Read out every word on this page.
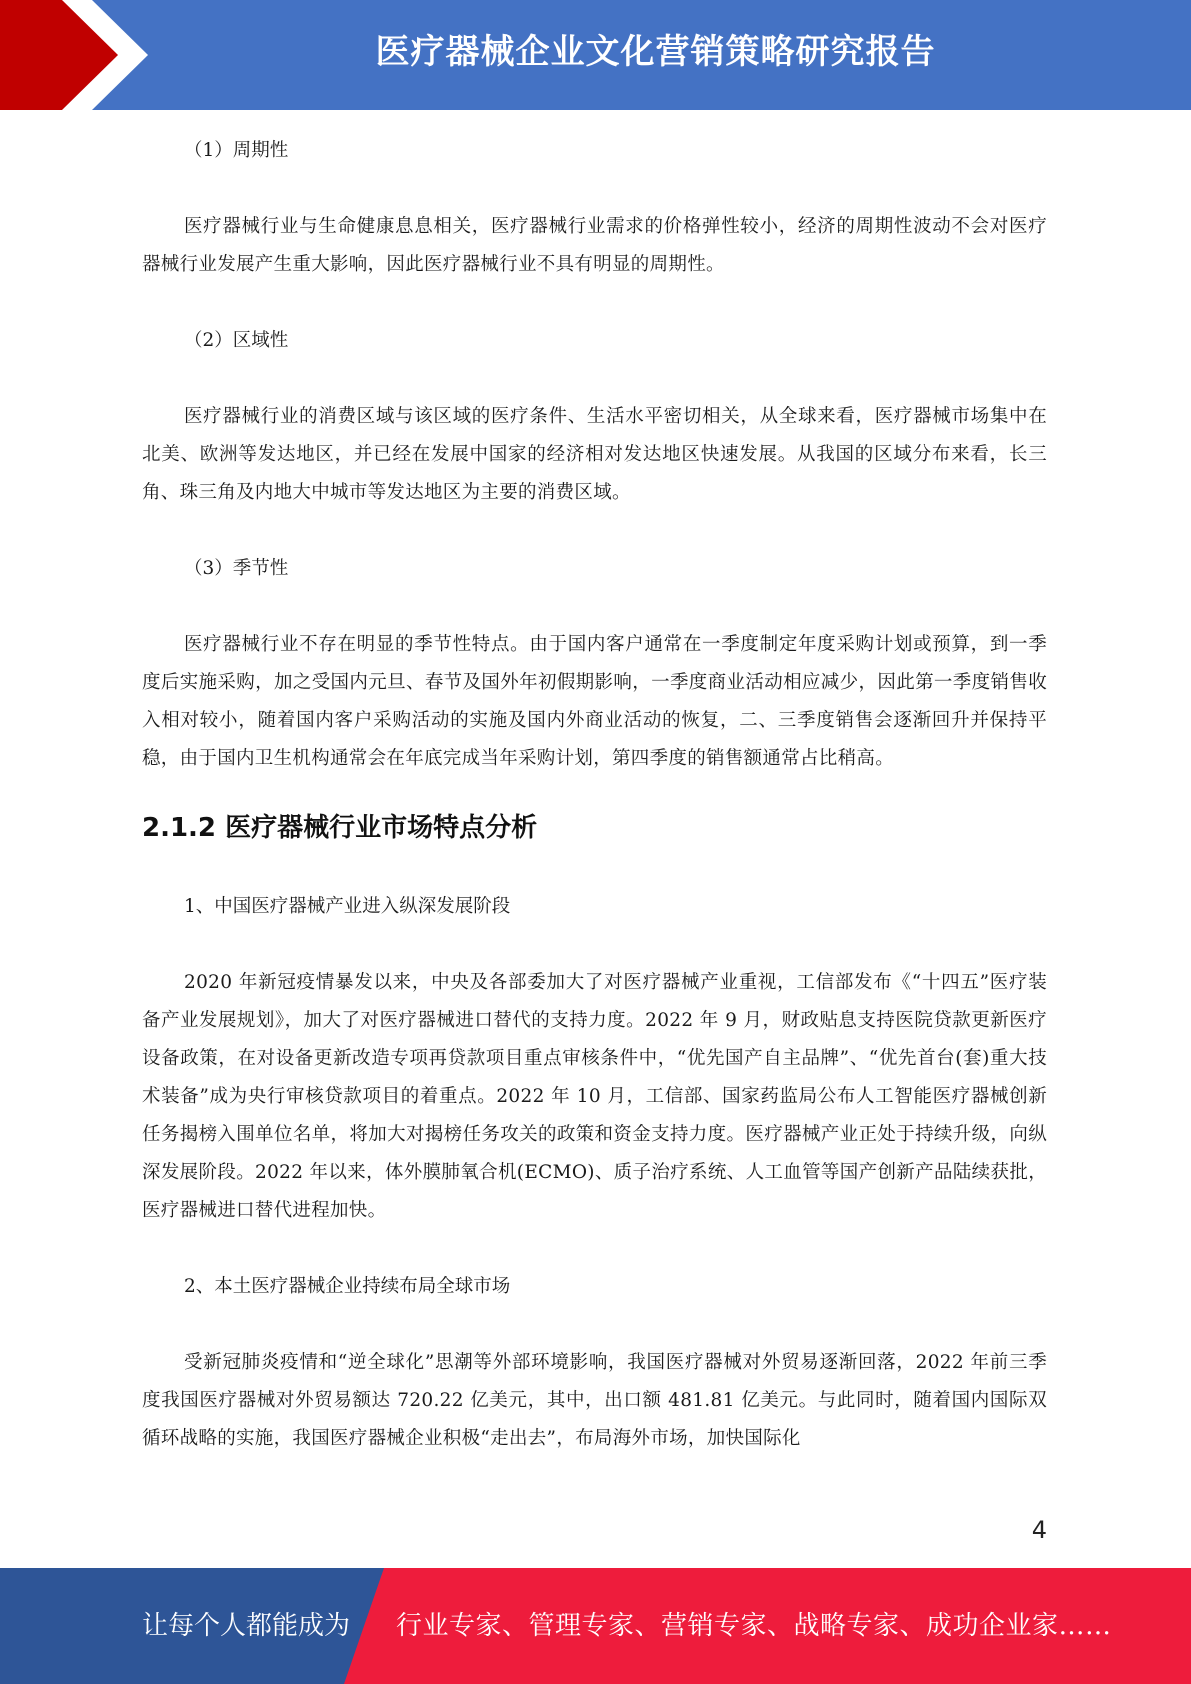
医疗器械企业文化营销策略研究报告

（1）周期性

医疗器械行业与生命健康息息相关，医疗器械行业需求的价格弹性较小，经济的周期性波动不会对医疗器械行业发展产生重大影响，因此医疗器械行业不具有明显的周期性。

（2）区域性

医疗器械行业的消费区域与该区域的医疗条件、生活水平密切相关，从全球来看，医疗器械市场集中在北美、欧洲等发达地区，并已经在发展中国家的经济相对发达地区快速发展。从我国的区域分布来看，长三角、珠三角及内地大中城市等发达地区为主要的消费区域。

（3）季节性

医疗器械行业不存在明显的季节性特点。由于国内客户通常在一季度制定年度采购计划或预算，到一季度后实施采购，加之受国内元旦、春节及国外年初假期影响，一季度商业活动相应减少，因此第一季度销售收入相对较小，随着国内客户采购活动的实施及国内外商业活动的恢复，二、三季度销售会逐渐回升并保持平稳，由于国内卫生机构通常会在年底完成当年采购计划，第四季度的销售额通常占比稍高。

2.1.2 医疗器械行业市场特点分析

1、中国医疗器械产业进入纵深发展阶段

2020 年新冠疫情暴发以来，中央及各部委加大了对医疗器械产业重视，工信部发布《“十四五”医疗装备产业发展规划》，加大了对医疗器械进口替代的支持力度。2022 年 9 月，财政贴息支持医院贷款更新医疗设备政策，在对设备更新改造专项再贷款项目重点审核条件中，“优先国产自主品牌”、“优先首台(套)重大技术装备”成为央行审核贷款项目的着重点。2022 年 10 月，工信部、国家药监局公布人工智能医疗器械创新任务揭榜入围单位名单，将加大对揭榜任务攻关的政策和资金支持力度。医疗器械产业正处于持续升级，向纵深发展阶段。2022 年以来，体外膜肺氧合机(ECMO)、质子治疗系统、人工血管等国产创新产品陆续获批，医疗器械进口替代进程加快。

2、本土医疗器械企业持续布局全球市场

受新冠肺炎疫情和“逆全球化”思潮等外部环境影响，我国医疗器械对外贸易逐渐回落，2022 年前三季度我国医疗器械对外贸易额达 720.22 亿美元，其中，出口额 481.81 亿美元。与此同时，随着国内国际双循环战略的实施，我国医疗器械企业积极“走出去”，布局海外市场，加快国际化

4
让每个人都能成为 行业专家、管理专家、营销专家、战略专家、成功企业家……
